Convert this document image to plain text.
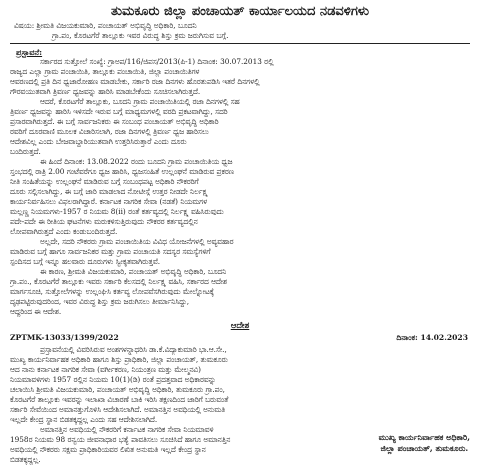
ತುಮಕೂರು ಜಿಲ್ಲಾ ಪಂಚಾಯತ್ ಕಾರ್ಯಾಲಯದ ನಡವಳಿಗಳು

ವಿಷಯ: ಶ್ರೀಮತಿ ವಿಜಯಕುಮಾರಿ, ಪಂಚಾಯತ್ ಅಭಿವೃದ್ಧಿ ಅಧಿಕಾರಿ, ಬೂದನಿ
ಗ್ರಾ.ಪಂ, ಕೊರಟಗೆರೆ ತಾಲ್ಲೂಕು ಇವರ ವಿರುದ್ಧ ಶಿಸ್ತು ಕ್ರಮ ಜರುಗಿಸುವ ಬಗ್ಗೆ.
ಪ್ರಸ್ತಾವನೆ:

ಸರ್ಕಾರದ ಸುತ್ತೋಲೆ ಸಂಖ್ಯೆ: ಗ್ರಾಅಪ/116/ಜಿಪಸ/2013(ಪಿ-1) ದಿನಾಂಕ: 30.07.2013 ರಲ್ಲಿ
ರಾಜ್ಯದ ಎಲ್ಲಾ ಗ್ರಾಮ ಪಂಚಾಯಿತಿ, ತಾಲ್ಲೂಕು ಪಂಚಾಯಿತಿ, ಜಿಲ್ಲಾ ಪಂಚಾಯಿತಿಗಳ
ಆವರಣದಲ್ಲಿ ಪ್ರತಿ ದಿನ ಧ್ವಜಾರೋಹಣ ಮಾಡಬೇಕು, ಸರ್ಕಾರಿ ರಜಾ ದಿನಗಳು ಹೊರತುಪಡಿಸಿ ಇತರೆ ದಿನಗಳಲ್ಲಿ
ಗೌರವಯುತವಾಗಿ ತ್ರಿವರ್ಣ ಧ್ವಜವನ್ನು ಹಾರಿಸಿ ಮಾಡಬೇಕೆಂದು ಸೂಚಿಸಲಾಗಿರುತ್ತದೆ.

ಆದರೆ, ಕೊರಟಗೆರೆ ತಾಲ್ಲೂಕು, ಬೂದನಿ ಗ್ರಾಮ ಪಂಚಾಯಿತಿಯಲ್ಲಿ ರಜಾ ದಿನಗಳಲ್ಲಿ ಸಹ
ತ್ರಿವರ್ಣ ಧ್ವಜವನ್ನು ಹಾರಿಸಿ ಇಳಿಸದೇ ಇರುವ ಬಗ್ಗೆ ಮಾಧ್ಯಮಗಳಲ್ಲಿ ವರದಿ ಪ್ರಕಟವಾಗಿದ್ದು, ಸದರಿ
ಪ್ರಸಾರವಾಗಿರುತ್ತದೆ. ಈ ಬಗ್ಗೆ ಸಾರ್ವಜನಿಕರು ಈ ಸಂಬಂಧ ಪಂಚಾಯತ್ ಅಭಿವೃದ್ಧಿ ಅಧಿಕಾರಿ
ರವರಿಗೆ ದೂರವಾಣಿ ಮೂಲಕ ವಿಚಾರಿಸಲಾಗಿ, ರಜಾ ದಿನಗಳಲ್ಲಿ ತ್ರಿವರ್ಣ ಧ್ವಜ ಹಾರಿಸಲು
ಆದೇಶವಿಲ್ಲ ಎಂದು ಬೇಜವಾಬ್ದಾರಿಯುತವಾಗಿ ಉತ್ತರಿಸಿರುತ್ತಾರೆ ಎಂದು ದೂರು
ಬಂದಿರುತ್ತದೆ.

ಈ ಹಿಂದೆ ದಿನಾಂಕ: 13.08.2022 ರಂದು ಬೂದನಿ ಗ್ರಾಮ ಪಂಚಾಯಿತಿಯ ಧ್ವಜ
ಸ್ತಂಭದಲ್ಲಿ ರಾತ್ರಿ 2.00 ಗಂಟೆವರೆಗೂ ಧ್ವಜ ಹಾರಿಸಿ, ಧ್ವಜಸಂಹಿತೆ ಉಲ್ಲಂಘನೆ ಮಾಡಿರುವ ಪ್ರಕರಣ
ನೀತಿ ಸಂಹಿತೆಯನ್ನು ಉಲ್ಲಂಘನೆ ಮಾಡಿರುವ ಬಗ್ಗೆ ಸಂಬಂಧಪಟ್ಟ ಅಧಿಕಾರಿ ನೌಕರರಿಗೆ
ದೂರು ಸಲ್ಲಿಸಲಾಗಿದ್ದು, ಈ ಬಗ್ಗೆ ಜಾರಿ ಮಾಡಲಾದ ನೋಟೀಸ್ಗೆ ಉತ್ತರ ನೀಡದೇ ನಿರ್ಲಕ್ಷ್ಯ
ಕಾರ್ಯನಿರ್ವಹಿಸಲು ವಿಫಲರಾಗಿದ್ದಾರೆ. ಕರ್ನಾಟಕ ನಾಗರಿಕ ಸೇವಾ (ನಡತೆ) ನಿಯಮಗಳ
ಮಲ್ಲಣ್ಣ ನಿಯಮಗಳು-1957 ರ ನಿಯಮ 8(ii) ರಂತೆ ಕರ್ತವ್ಯದಲ್ಲಿ ನಿರ್ಲಕ್ಷ್ಯ ವಹಿಸಿರುವುದು
ಪದೇ-ಪದೇ ಈ ರೀತಿಯ ಘಟನೆಗಳು ಮರುಕಳಿಸುತ್ತಿರುವುದು ನೌಕರರ ಕರ್ತವ್ಯದಲ್ಲಿನ
ಲೋಪವಾಗಿರುತ್ತದೆ ಎಂದು ಕಂಡುಬಂದಿರುತ್ತದೆ.

ಅಲ್ಲದೇ, ಸದರಿ ನೌಕರರು ಗ್ರಾಮ ಪಂಚಾಯಿತಿಯ ವಿವಿಧ ಯೋಜನೆಗಳಲ್ಲಿ ಅವ್ಯವಹಾರ
ಮಾಡಿರುವ ಬಗ್ಗೆ ಹಾಗೂ ಸಾರ್ವಜನಿಕರ ಮತ್ತು ಗ್ರಾಮ ಪಂಚಾಯತಿ ಸದಸ್ಯರ ಸಮಸ್ಯೆಗಳಿಗೆ
ಸ್ಪಂದಿಸದ ಬಗ್ಗೆ ಇನ್ನೂ ಹಲವಾರು ದೂರುಗಳು ಸ್ವೀಕೃತವಾಗಿರುತ್ತವೆ.

ಈ ಕಾರಣ, ಶ್ರೀಮತಿ ವಿಜಯಕುಮಾರಿ, ಪಂಚಾಯತ್ ಅಭಿವೃದ್ಧಿ ಅಧಿಕಾರಿ, ಬೂದನಿ
ಗ್ರಾ.ಪಂ., ಕೊರಟಗೆರೆ ತಾಲ್ಲೂಕು ಇವರು ಸರ್ಕಾರಿ ಕೆಲಸದಲ್ಲಿ ನಿರ್ಲಕ್ಷ್ಯ ವಹಿಸಿ, ಸರ್ಕಾರದ ಆದೇಶ
ಮಾರ್ಗಸೂಚಿ, ಸುತ್ತೋಲೆಗಳನ್ನು ಉಲ್ಲಂಘಿಸಿ ಕರ್ತವ್ಯ ಲೋಪವೆಸಗಿರುವುದು ಮೇಲ್ನೋಟಕ್ಕೆ
ದೃಢಪಟ್ಟಿರುವುದರಿಂದ, ಇವರ ವಿರುದ್ಧ ಶಿಸ್ತು ಕ್ರಮ ಜರುಗಿಸಲು ತೀರ್ಮಾನಿಸಿದ್ದು,
ಆದ್ದರಿಂದ ಈ ಆದೇಶ.

ಆದೇಶ
ZPTMK-13033/1399/2022	ದಿನಾಂಕ: 14.02.2023

ಪ್ರಸ್ತಾವನೆಯಲ್ಲಿ ವಿವರಿಸಿರುವ ಅಂಶಗಳನ್ನಾಧರಿಸಿ ಡಾ.ಕೆ.ವಿದ್ಯಾಕುಮಾರಿ ಭಾ.ಆ.ಸೇ.,
ಮುಖ್ಯ ಕಾರ್ಯನಿರ್ವಾಹಕ ಅಧಿಕಾರಿ ಹಾಗೂ ಶಿಸ್ತು ಪ್ರಾಧಿಕಾರಿ, ಜಿಲ್ಲಾ ಪಂಚಾಯತ್, ತುಮಕೂರು
ಆದ ನಾನು ಕರ್ನಾಟಕ ನಾಗರಿಕ ಸೇವಾ (ವರ್ಗೀಕರಣ, ನಿಯಂತ್ರಣ ಮತ್ತು ಮೇಲ್ಮನವಿ)
ನಿಯಮಾವಳಿಗಳು 1957 ರಲ್ಲಿನ ನಿಯಮ 10(1)(ಡಿ) ರಂತೆ ಪ್ರದತ್ತವಾದ ಅಧಿಕಾರವನ್ನು
ಚಲಾಯಿಸಿ ಶ್ರೀಮತಿ ವಿಜಯಕುಮಾರಿ, ಪಂಚಾಯತ್ ಅಭಿವೃದ್ಧಿ ಅಧಿಕಾರಿ, ತುಮಕೂರು ಗ್ರಾ.ಪಂ,
ಕೊರಟಗೆರೆ ತಾಲ್ಲೂಕು ಇವರನ್ನು ಇಲಾಖಾ ವಿಚಾರಣೆ ಬಾಕಿ ಇರಿಸಿ ತಕ್ಷಣದಿಂದ ಜಾರಿಗೆ ಬರುವಂತೆ
ಸರ್ಕಾರಿ ಸೇವೆಯಿಂದ ಅಮಾನತ್ತುಗೊಳಿಸಿ ಆದೇಶಿಸಲಾಗಿದೆ. ಅಮಾನತ್ತಿನ ಅವಧಿಯಲ್ಲಿ ಅನುಮತಿ
ಇಲ್ಲದೇ ಕೇಂದ್ರ ಸ್ಥಾನ ಬಿಡತಕ್ಕದ್ದಲ್ಲ ಎಂದು ಸಹ ಆದೇಶಿಸಲಾಗಿದೆ.

ಅಮಾನತ್ತಿನ ಅವಧಿಯಲ್ಲಿ ನೌಕರರಿಗೆ ಕರ್ನಾಟಕ ನಾಗರಿಕ ಸೇವಾ ನಿಯಮಾವಳಿ
1958ರ ನಿಯಮ 98 ರನ್ವಯ ಜೀವನಾಧಾರ ಭತ್ಯೆ ಪಾವತಿಸಲು ಸೂಚಿಸಿದೆ ಹಾಗೂ ಅಮಾನತ್ತಿನ
ಅವಧಿಯಲ್ಲಿ ನೌಕರರು ಸಕ್ಷಮ ಪ್ರಾಧಿಕಾರಿಯವರ ಲಿಖಿತ ಅನುಮತಿ ಇಲ್ಲದೆ ಕೇಂದ್ರ ಸ್ಥಾನ
ಬಿಡತಕ್ಕದ್ದಲ್ಲ.

ಮುಖ್ಯ ಕಾರ್ಯನಿರ್ವಾಹಕ ಅಧಿಕಾರಿ,
ಜಿಲ್ಲಾ ಪಂಚಾಯತ್, ತುಮಕೂರು.
